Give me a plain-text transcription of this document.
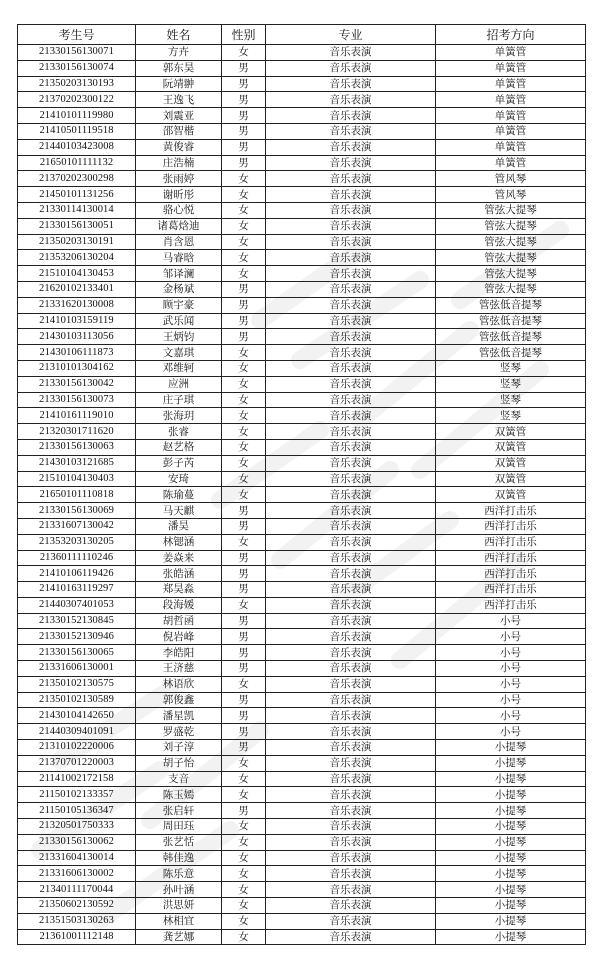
考生号	姓名	性别	专业	招考方向
21330156130071	方卉	女	音乐表演	单簧管
21330156130074	郭东昊	男	音乐表演	单簧管
21350203130193	阮靖翀	男	音乐表演	单簧管
21370202300122	王逸飞	男	音乐表演	单簧管
21410101119980	刘震亚	男	音乐表演	单簧管
21410501119518	邵智楷	男	音乐表演	单簧管
21440103423008	黄俊睿	男	音乐表演	单簧管
21650101111132	庄浩楠	男	音乐表演	单簧管
21370202300298	张雨婷	女	音乐表演	管风琴
21450101131256	谢昕彤	女	音乐表演	管风琴
21330114130014	骆心悦	女	音乐表演	管弦大提琴
21330156130051	诸葛焓迪	女	音乐表演	管弦大提琴
21350203130191	肖含恩	女	音乐表演	管弦大提琴
21353206130204	马睿晗	女	音乐表演	管弦大提琴
21510104130453	邹译澜	女	音乐表演	管弦大提琴
21620102133401	金杨斌	男	音乐表演	管弦大提琴
21331620130008	顾宇豪	男	音乐表演	管弦低音提琴
21410103159119	武乐闻	男	音乐表演	管弦低音提琴
21430103113056	王炳钧	男	音乐表演	管弦低音提琴
21430106111873	文嘉琪	女	音乐表演	管弦低音提琴
21310101304162	邓维轲	女	音乐表演	竖琴
21330156130042	应洲	女	音乐表演	竖琴
21330156130073	庄子琪	女	音乐表演	竖琴
21410161119010	张海玥	女	音乐表演	竖琴
21320301711620	张睿	女	音乐表演	双簧管
21330156130063	赵艺格	女	音乐表演	双簧管
21430103121685	彭子芮	女	音乐表演	双簧管
21510104130403	安琦	女	音乐表演	双簧管
21650101110818	陈瑜蔓	女	音乐表演	双簧管
21330156130069	马天麒	男	音乐表演	西洋打击乐
21331607130042	潘昊	男	音乐表演	西洋打击乐
21353203130205	林锶涵	女	音乐表演	西洋打击乐
21360111110246	姜焱来	男	音乐表演	西洋打击乐
21410106119426	张皓涵	男	音乐表演	西洋打击乐
21410163119297	郑昊淼	男	音乐表演	西洋打击乐
21440307401053	段海媛	女	音乐表演	西洋打击乐
21330152130845	胡哲函	男	音乐表演	小号
21330152130946	倪岩峰	男	音乐表演	小号
21330156130065	李皓阳	男	音乐表演	小号
21331606130001	王济慈	男	音乐表演	小号
21350102130575	林语欣	女	音乐表演	小号
21350102130589	郭俊鑫	男	音乐表演	小号
21430104142650	潘星凯	男	音乐表演	小号
21440309401091	罗盛乾	男	音乐表演	小号
21310102220006	刘子淳	男	音乐表演	小提琴
21370701220003	胡子怡	女	音乐表演	小提琴
21141002172158	支音	女	音乐表演	小提琴
21150102133357	陈玉嫣	女	音乐表演	小提琴
21150105136347	张启轩	男	音乐表演	小提琴
21320501750333	周田珏	女	音乐表演	小提琴
21330156130062	张艺恬	女	音乐表演	小提琴
21331604130014	韩佳逸	女	音乐表演	小提琴
21331606130002	陈乐意	女	音乐表演	小提琴
21340111170044	孙叶涵	女	音乐表演	小提琴
21350602130592	洪思妍	女	音乐表演	小提琴
21351503130263	林相宜	女	音乐表演	小提琴
21361001112148	龚艺娜	女	音乐表演	小提琴
